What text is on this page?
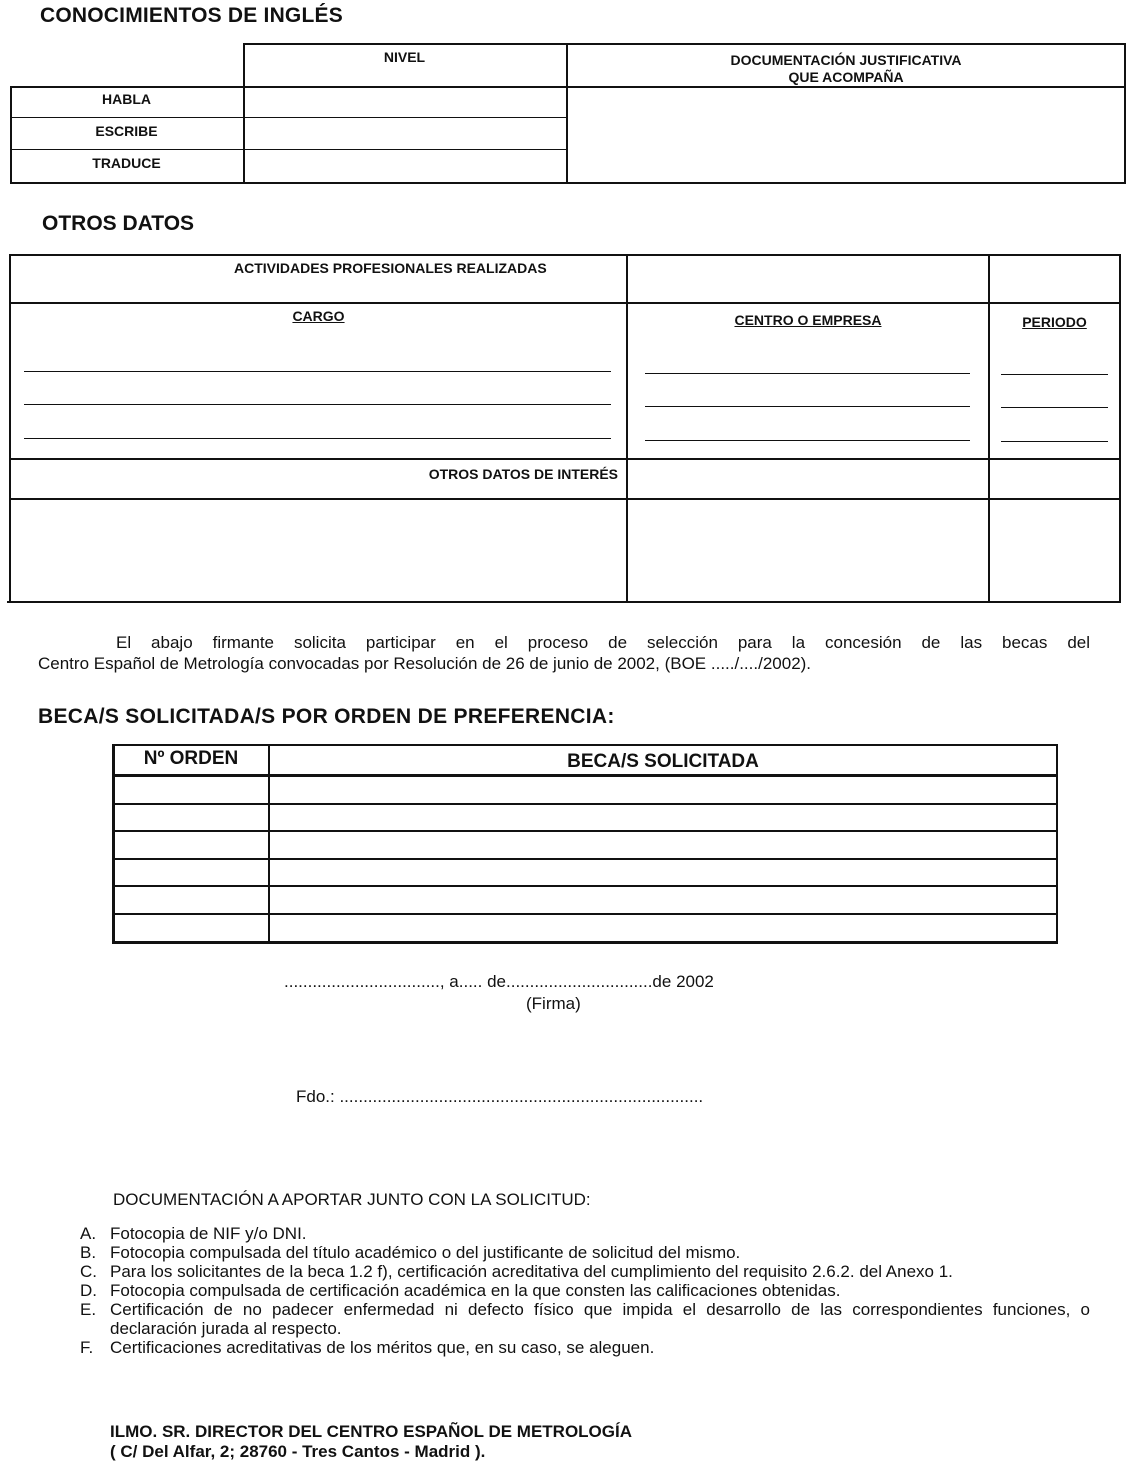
CONOCIMIENTOS DE INGLÉS
NIVEL	DOCUMENTACIÓN JUSTIFICATIVA
QUE ACOMPAÑA
HABLA
ESCRIBE
TRADUCE
OTROS DATOS
ACTIVIDADES PROFESIONALES REALIZADAS
CARGO	CENTRO O EMPRESA	PERIODO
OTROS DATOS DE INTERÉS
El abajo firmante solicita participar en el proceso de selección para la concesión de las becas del
Centro Español de Metrología convocadas por Resolución de 26 de junio de 2002, (BOE ...../..../2002).
BECA/S SOLICITADA/S POR ORDEN DE PREFERENCIA:
Nº ORDEN	BECA/S SOLICITADA
................................., a..... de...............................de 2002
(Firma)
Fdo.: .............................................................................
DOCUMENTACIÓN A APORTAR JUNTO CON LA SOLICITUD:
A. Fotocopia de NIF y/o DNI.
B. Fotocopia compulsada del título académico o del justificante de solicitud del mismo.
C. Para los solicitantes de la beca 1.2 f), certificación acreditativa del cumplimiento del requisito 2.6.2. del Anexo 1.
D. Fotocopia compulsada de certificación académica en la que consten las calificaciones obtenidas.
E. Certificación de no padecer enfermedad ni defecto físico que impida el desarrollo de las correspondientes funciones, o declaración jurada al respecto.
F. Certificaciones acreditativas de los méritos que, en su caso, se aleguen.
ILMO. SR. DIRECTOR DEL CENTRO ESPAÑOL DE METROLOGÍA
( C/ Del Alfar, 2; 28760 - Tres Cantos - Madrid ).
